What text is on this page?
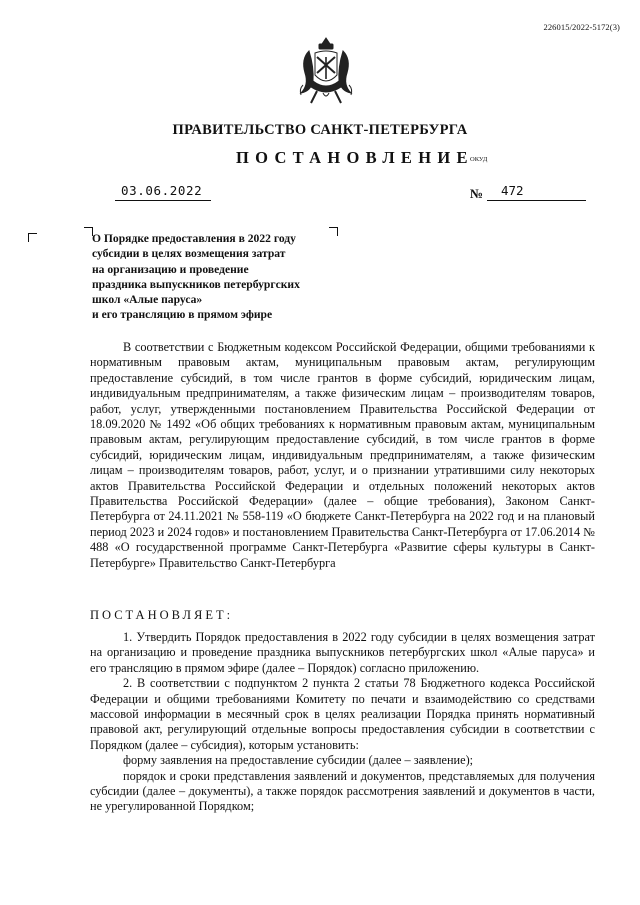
226015/2022-5172(3)
ПРАВИТЕЛЬСТВО САНКТ-ПЕТЕРБУРГА
ПОСТАНОВЛЕНИЕ
ОКУД
03.06.2022	№	472
О Порядке предоставления в 2022 году
субсидии в целях возмещения затрат
на организацию и проведение
праздника выпускников петербургских
школ «Алые паруса»
и его трансляцию в прямом эфире

В соответствии с Бюджетным кодексом Российской Федерации, общими требованиями к нормативным правовым актам, муниципальным правовым актам, регулирующим предоставление субсидий, в том числе грантов в форме субсидий, юридическим лицам, индивидуальным предпринимателям, а также физическим лицам – производителям товаров, работ, услуг, утвержденными постановлением Правительства Российской Федерации от 18.09.2020 № 1492 «Об общих требованиях к нормативным правовым актам, муниципальным правовым актам, регулирующим предоставление субсидий, в том числе грантов в форме субсидий, юридическим лицам, индивидуальным предпринимателям, а также физическим лицам – производителям товаров, работ, услуг, и о признании утратившими силу некоторых актов Правительства Российской Федерации и отдельных положений некоторых актов Правительства Российской Федерации» (далее – общие требования), Законом Санкт-Петербурга от 24.11.2021 № 558-119 «О бюджете Санкт-Петербурга на 2022 год и на плановый период 2023 и 2024 годов» и постановлением Правительства Санкт-Петербурга от 17.06.2014 № 488 «О государственной программе Санкт-Петербурга «Развитие сферы культуры в Санкт-Петербурге» Правительство Санкт-Петербурга

ПОСТАНОВЛЯЕТ:

1. Утвердить Порядок предоставления в 2022 году субсидии в целях возмещения затрат на организацию и проведение праздника выпускников петербургских школ «Алые паруса» и его трансляцию в прямом эфире (далее – Порядок) согласно приложению.

2. В соответствии с подпунктом 2 пункта 2 статьи 78 Бюджетного кодекса Российской Федерации и общими требованиями Комитету по печати и взаимодействию со средствами массовой информации в месячный срок в целях реализации Порядка принять нормативный правовой акт, регулирующий отдельные вопросы предоставления субсидии в соответствии с Порядком (далее – субсидия), которым установить:

форму заявления на предоставление субсидии (далее – заявление);

порядок и сроки представления заявлений и документов, представляемых для получения субсидии (далее – документы), а также порядок рассмотрения заявлений и документов в части, не урегулированной Порядком;
